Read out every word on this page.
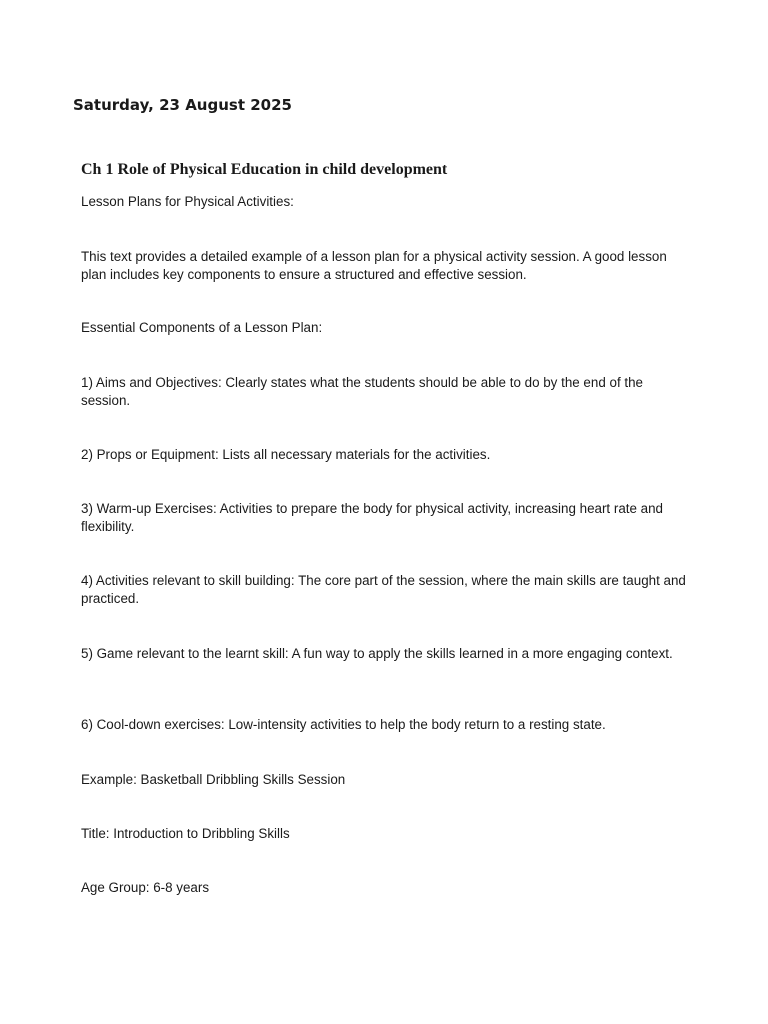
Saturday, 23 August 2025

Ch 1 Role of Physical Education in child development

Lesson Plans for Physical Activities:

This text provides a detailed example of a lesson plan for a physical activity session. A good lesson plan includes key components to ensure a structured and effective session.

Essential Components of a Lesson Plan:

1) Aims and Objectives: Clearly states what the students should be able to do by the end of the session.

2) Props or Equipment: Lists all necessary materials for the activities.

3) Warm-up Exercises: Activities to prepare the body for physical activity, increasing heart rate and flexibility.

4) Activities relevant to skill building: The core part of the session, where the main skills are taught and practiced.

5) Game relevant to the learnt skill: A fun way to apply the skills learned in a more engaging context.

6) Cool-down exercises: Low-intensity activities to help the body return to a resting state.

Example: Basketball Dribbling Skills Session

Title: Introduction to Dribbling Skills

Age Group: 6-8 years
